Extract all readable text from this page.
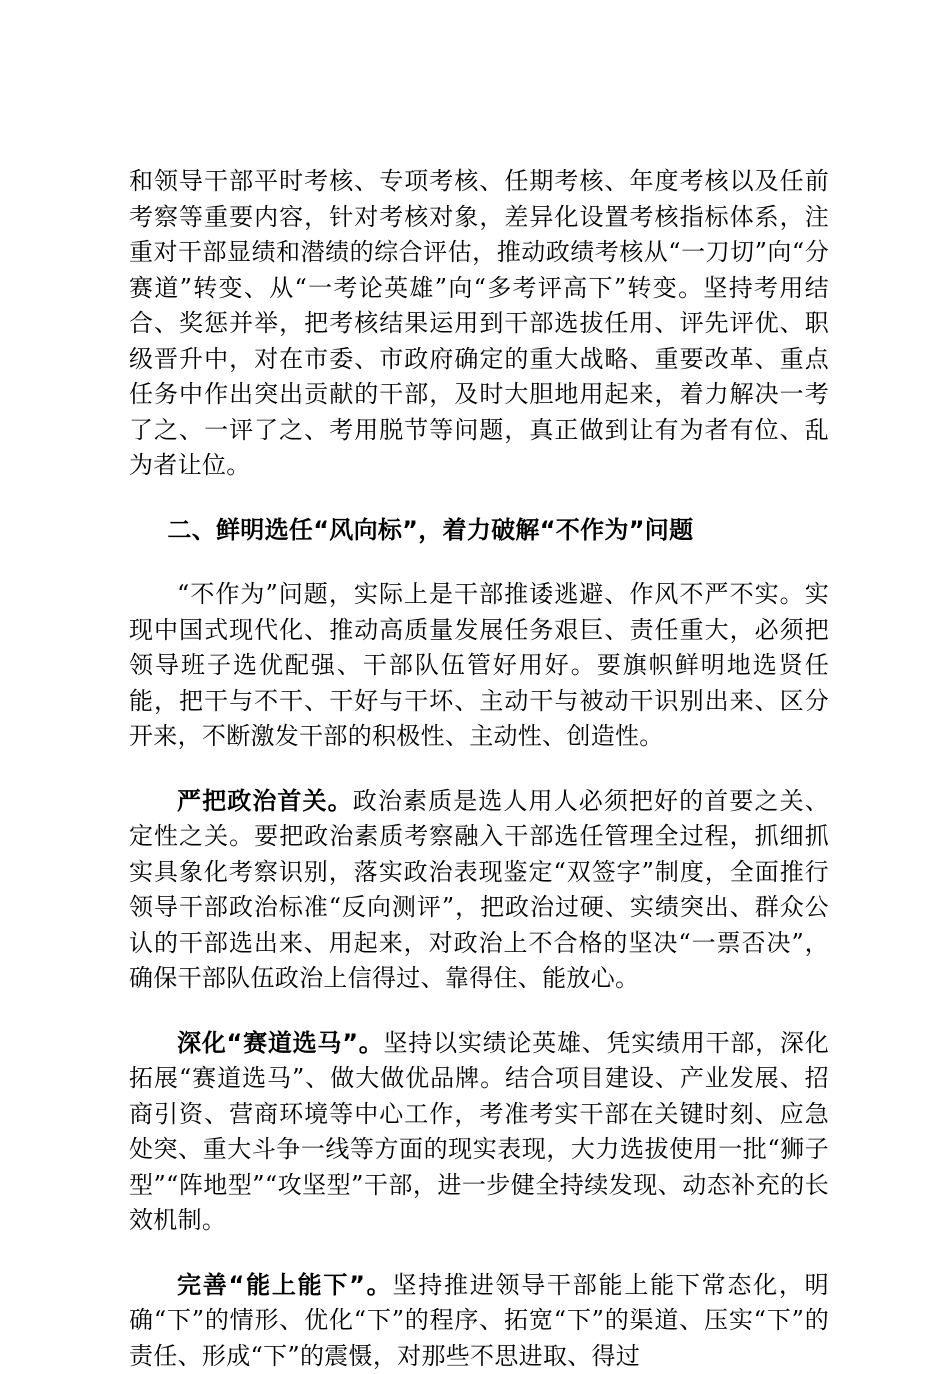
和领导干部平时考核、专项考核、任期考核、年度考核以及任前考察等重要内容，针对考核对象，差异化设置考核指标体系，注重对干部显绩和潜绩的综合评估，推动政绩考核从“一刀切”向“分赛道”转变、从“一考论英雄”向“多考评高下”转变。坚持考用结合、奖惩并举，把考核结果运用到干部选拔任用、评先评优、职级晋升中，对在市委、市政府确定的重大战略、重要改革、重点任务中作出突出贡献的干部，及时大胆地用起来，着力解决一考了之、一评了之、考用脱节等问题，真正做到让有为者有位、乱为者让位。

二、鲜明选任“风向标”，着力破解“不作为”问题

“不作为”问题，实际上是干部推诿逃避、作风不严不实。实现中国式现代化、推动高质量发展任务艰巨、责任重大，必须把领导班子选优配强、干部队伍管好用好。要旗帜鲜明地选贤任能，把干与不干、干好与干坏、主动干与被动干识别出来、区分开来，不断激发干部的积极性、主动性、创造性。

严把政治首关。政治素质是选人用人必须把好的首要之关、定性之关。要把政治素质考察融入干部选任管理全过程，抓细抓实具象化考察识别，落实政治表现鉴定“双签字”制度，全面推行领导干部政治标准“反向测评”，把政治过硬、实绩突出、群众公认的干部选出来、用起来，对政治上不合格的坚决“一票否决”，确保干部队伍政治上信得过、靠得住、能放心。

深化“赛道选马”。坚持以实绩论英雄、凭实绩用干部，深化拓展“赛道选马”、做大做优品牌。结合项目建设、产业发展、招商引资、营商环境等中心工作，考准考实干部在关键时刻、应急处突、重大斗争一线等方面的现实表现，大力选拔使用一批“狮子型”“阵地型”“攻坚型”干部，进一步健全持续发现、动态补充的长效机制。

完善“能上能下”。坚持推进领导干部能上能下常态化，明确“下”的情形、优化“下”的程序、拓宽“下”的渠道、压实“下”的责任、形成“下”的震慑，对那些不思进取、得过
